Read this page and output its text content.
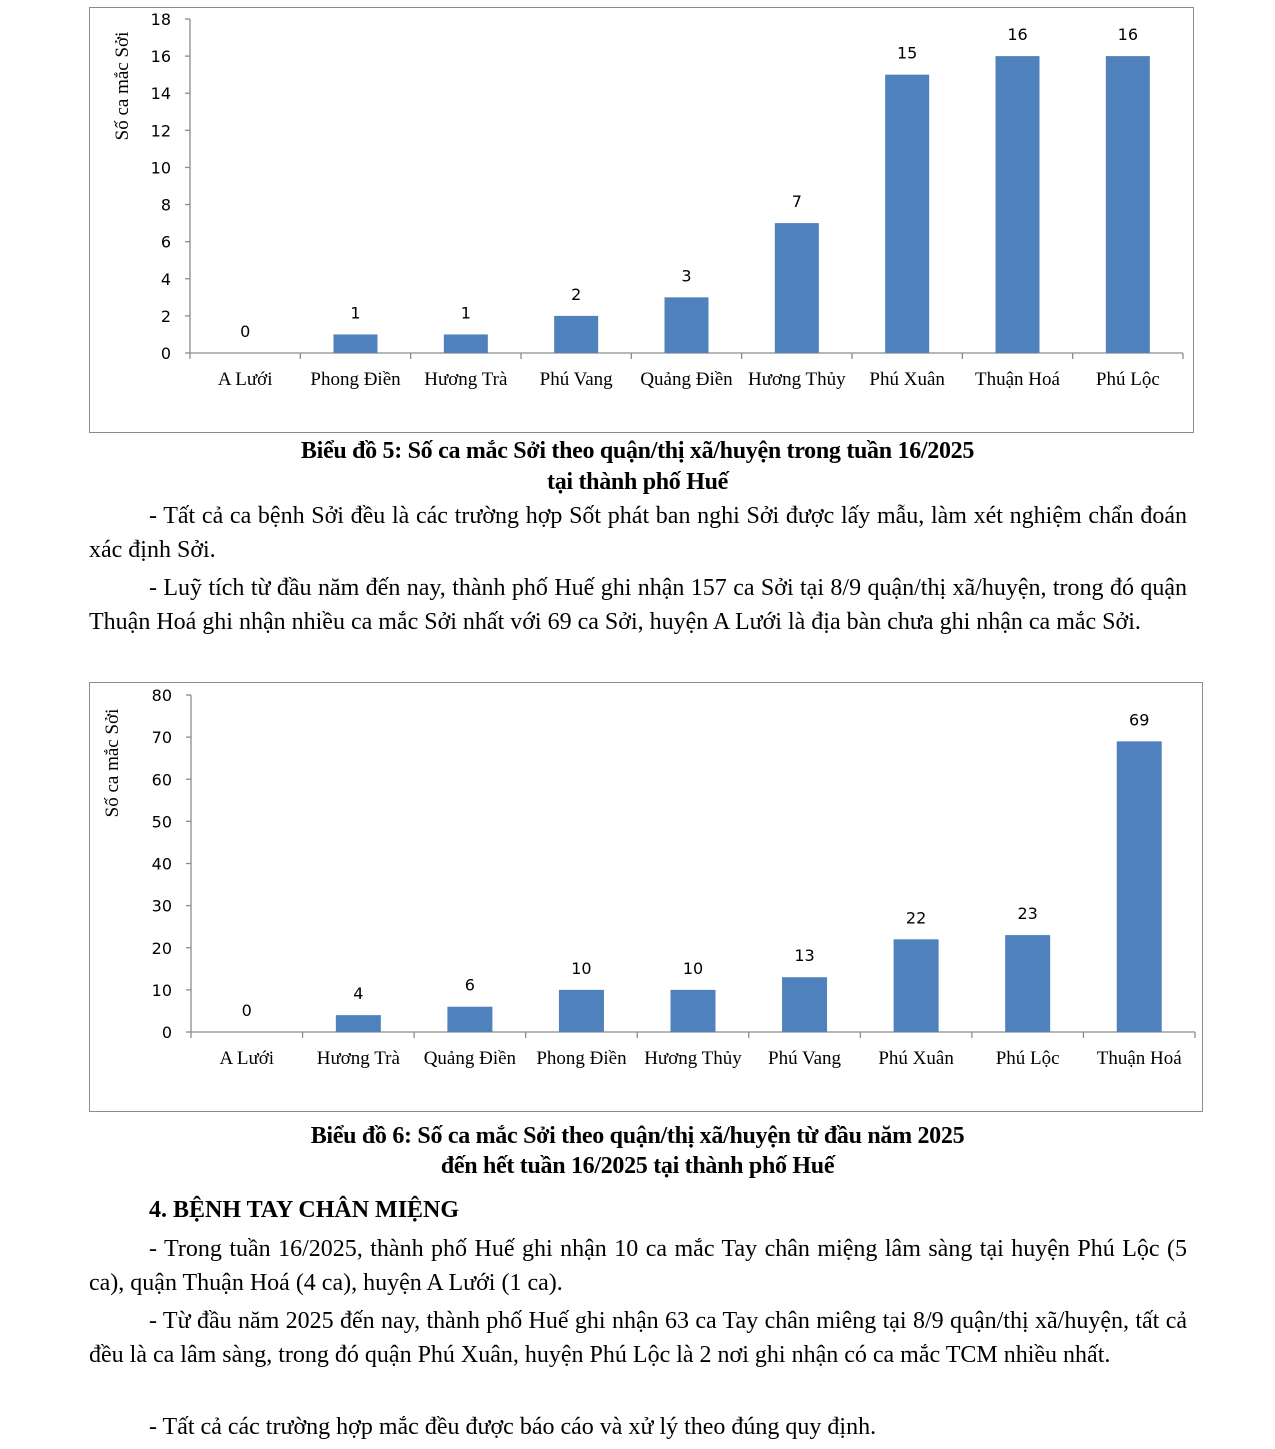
0
2
4
6
8
10
12
14
16
18
0
A Lưới
1
Phong Điền
1
Hương Trà
2
Phú Vang
3
Quảng Điền
7
Hương Thủy
15
Phú Xuân
16
Thuận Hoá
16
Phú Lộc
Số ca mắc Sởi
Biểu đồ 5: Số ca mắc Sởi theo quận/thị xã/huyện trong tuần 16/2025
tại thành phố Huế
- Tất cả ca bệnh Sởi đều là các trường hợp Sốt phát ban nghi Sởi được lấy mẫu, làm xét nghiệm chẩn đoán xác định Sởi.
- Luỹ tích từ đầu năm đến nay, thành phố Huế ghi nhận 157 ca Sởi tại 8/9 quận/thị xã/huyện, trong đó quận Thuận Hoá ghi nhận nhiều ca mắc Sởi nhất với 69 ca Sởi, huyện A Lưới là địa bàn chưa ghi nhận ca mắc Sởi.
0
10
20
30
40
50
60
70
80
0
A Lưới
4
Hương Trà
6
Quảng Điền
10
Phong Điền
10
Hương Thủy
13
Phú Vang
22
Phú Xuân
23
Phú Lộc
69
Thuận Hoá
Số ca mắc Sởi
Biểu đồ 6: Số ca mắc Sởi theo quận/thị xã/huyện từ đầu năm 2025
đến hết tuần 16/2025 tại thành phố Huế
4. BỆNH TAY CHÂN MIỆNG
- Trong tuần 16/2025, thành phố Huế ghi nhận 10 ca mắc Tay chân miệng lâm sàng tại huyện Phú Lộc (5 ca), quận Thuận Hoá (4 ca), huyện A Lưới (1 ca).
- Từ đầu năm 2025 đến nay, thành phố Huế ghi nhận 63 ca Tay chân miêng tại 8/9 quận/thị xã/huyện, tất cả đều là ca lâm sàng, trong đó quận Phú Xuân, huyện Phú Lộc là 2 nơi ghi nhận có ca mắc TCM nhiều nhất.
- Tất cả các trường hợp mắc đều được báo cáo và xử lý theo đúng quy định.
